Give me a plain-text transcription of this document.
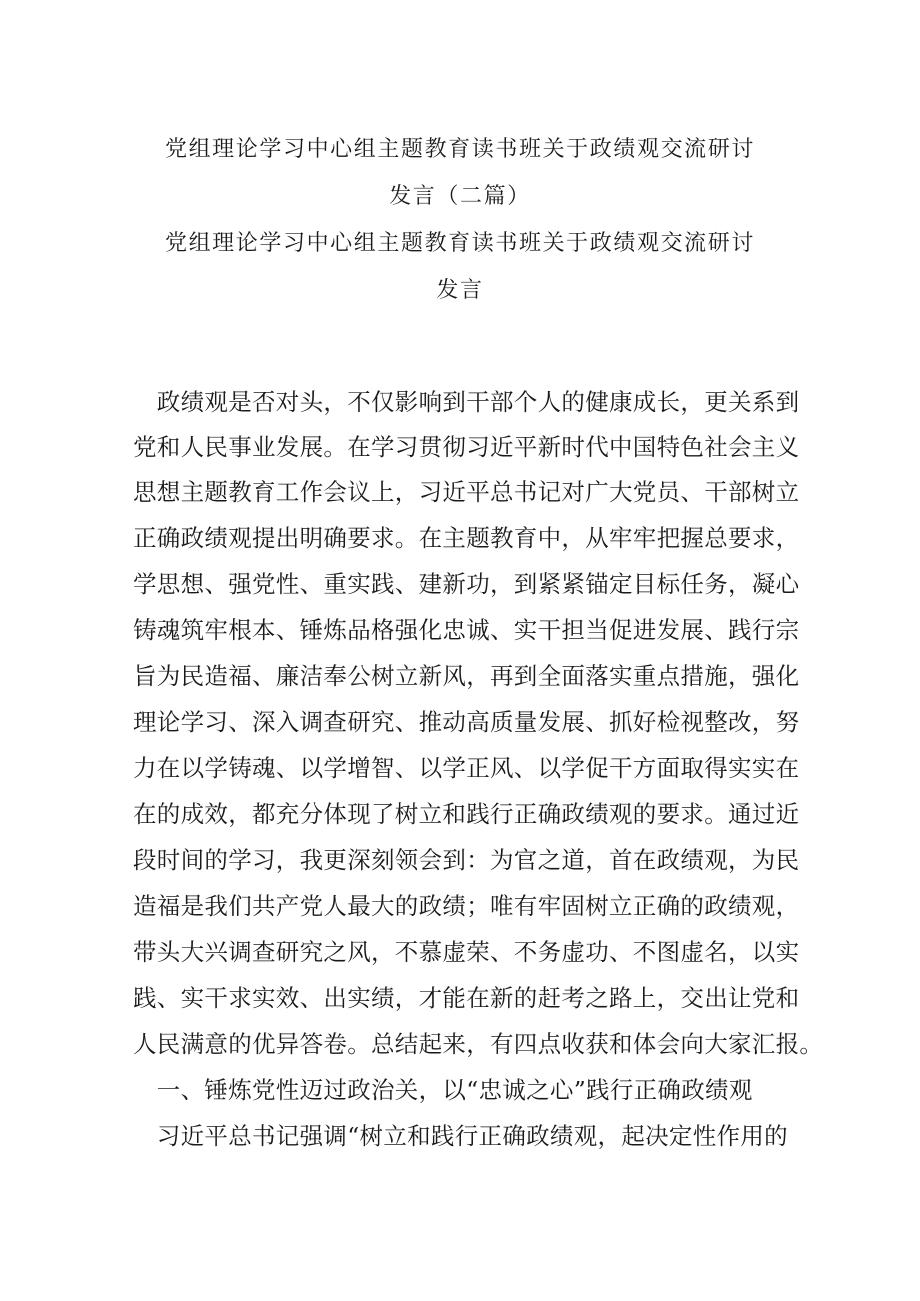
党组理论学习中心组主题教育读书班关于政绩观交流研讨
发言（二篇）
党组理论学习中心组主题教育读书班关于政绩观交流研讨
发言
　政绩观是否对头，不仅影响到干部个人的健康成长，更关系到
党和人民事业发展。在学习贯彻习近平新时代中国特色社会主义
思想主题教育工作会议上，习近平总书记对广大党员、干部树立
正确政绩观提出明确要求。在主题教育中，从牢牢把握总要求，
学思想、强党性、重实践、建新功，到紧紧锚定目标任务，凝心
铸魂筑牢根本、锤炼品格强化忠诚、实干担当促进发展、践行宗
旨为民造福、廉洁奉公树立新风，再到全面落实重点措施，强化
理论学习、深入调查研究、推动高质量发展、抓好检视整改，努
力在以学铸魂、以学增智、以学正风、以学促干方面取得实实在
在的成效，都充分体现了树立和践行正确政绩观的要求。通过近
段时间的学习，我更深刻领会到：为官之道，首在政绩观，为民
造福是我们共产党人最大的政绩；唯有牢固树立正确的政绩观，
带头大兴调查研究之风，不慕虚荣、不务虚功、不图虚名，以实
践、实干求实效、出实绩，才能在新的赶考之路上，交出让党和
人民满意的优异答卷。总结起来，有四点收获和体会向大家汇报。
　一、锤炼党性迈过政治关，以“忠诚之心”践行正确政绩观
　习近平总书记强调“树立和践行正确政绩观，起决定性作用的
